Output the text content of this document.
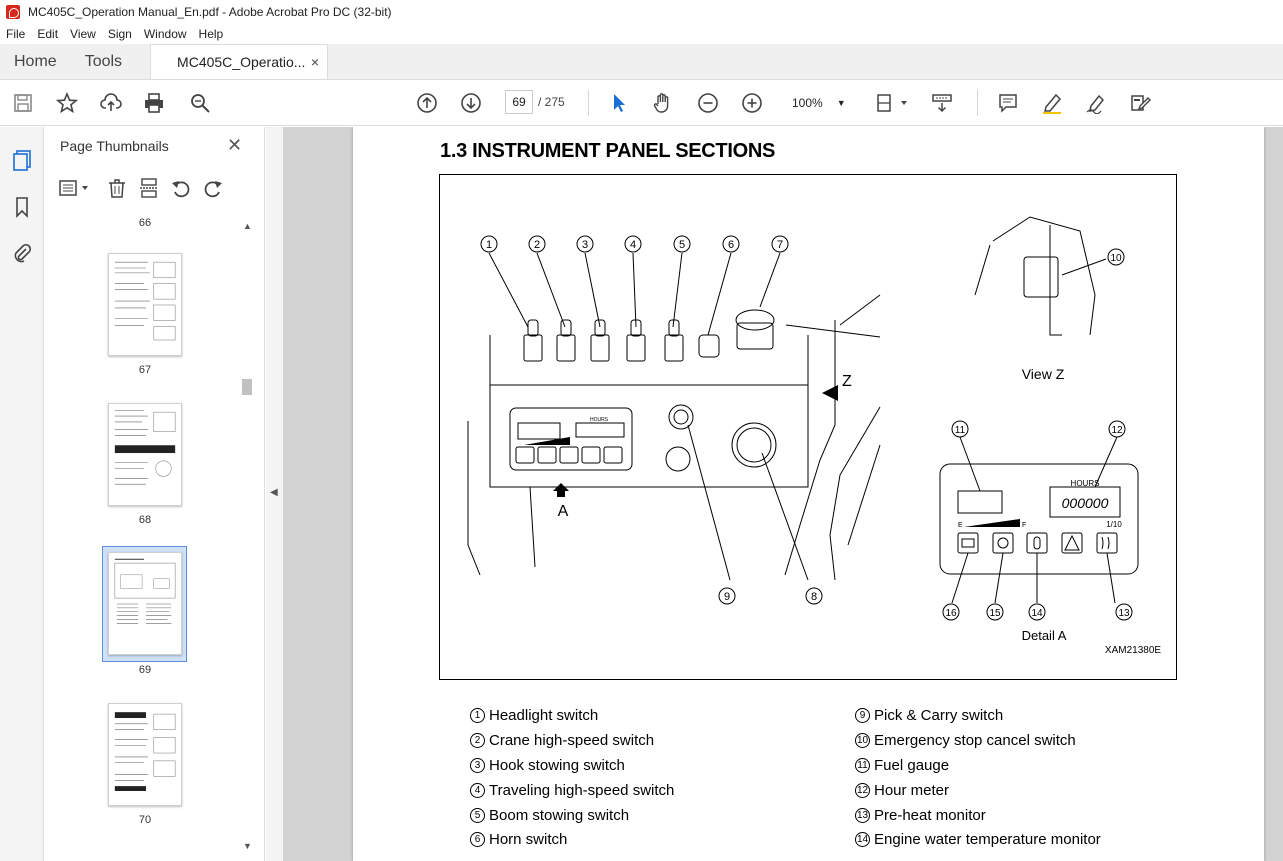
MC405C_Operation Manual_En.pdf - Adobe Acrobat Pro DC (32-bit)
File	Edit	View	Sign	Window	Help
Home	Tools	MC405C_Operatio... ×
69	/ 275	100% ▼
Page Thumbnails	✕
66
67
68
69
70
▲
▼
◀
1.3 INSTRUMENT PANEL SECTIONS
1	2	3	4	5	6	7
8
9
10
11	12
13
14
15
16
Z
A
View Z
Detail A
XAM21380E
HOURS
HOURS
000000
E	F	1/10
1 Headlight switch
2 Crane high-speed switch
3 Hook stowing switch
4 Traveling high-speed switch
5 Boom stowing switch
6 Horn switch
9 Pick & Carry switch
10 Emergency stop cancel switch
11 Fuel gauge
12 Hour meter
13 Pre-heat monitor
14 Engine water temperature monitor
